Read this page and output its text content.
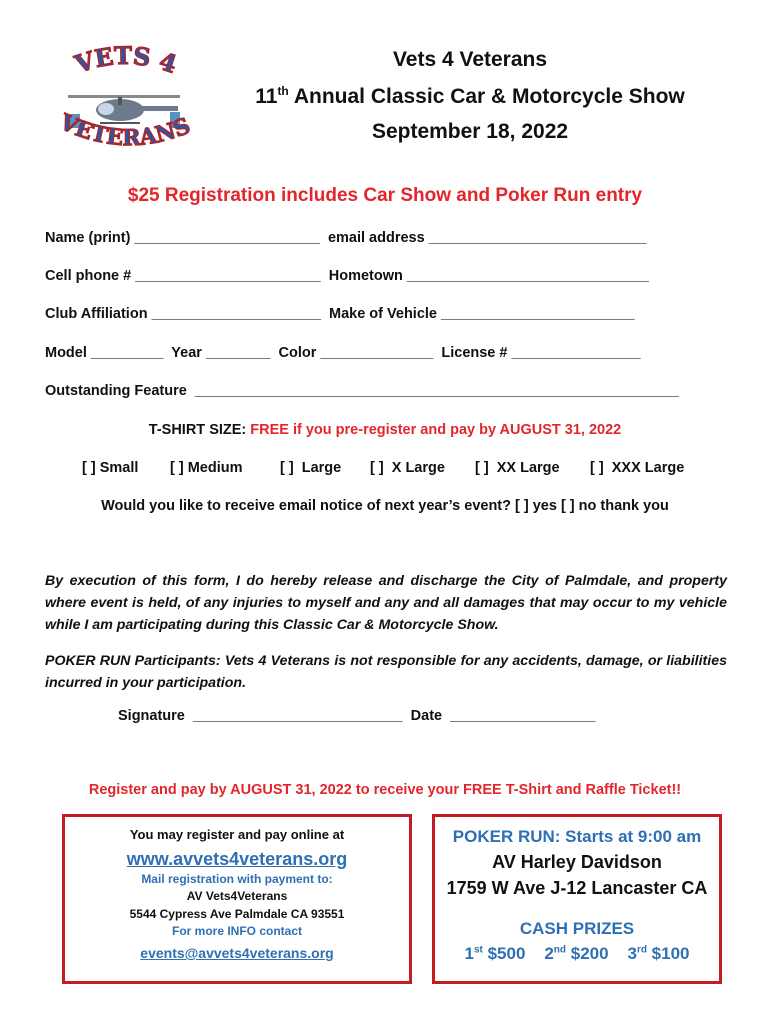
VETS 4
VETERANS
Vets 4 Veterans
11th Annual Classic Car & Motorcycle Show
September 18, 2022
$25 Registration includes Car Show and Poker Run entry
Name (print) _______________________  email address ___________________________
Cell phone # _______________________  Hometown ______________________________
Club Affiliation _____________________  Make of Vehicle ________________________
Model _________  Year ________  Color ______________  License # ________________
Outstanding Feature  ____________________________________________________________
T-SHIRT SIZE: FREE if you pre-register and pay by AUGUST 31, 2022
[ ] Small [ ] Medium	[ ]  Large [ ]  X Large [ ]  XX Large [ ]  XXX Large
Would you like to receive email notice of next year’s event? [ ] yes [ ] no thank you
By execution of this form, I do hereby release and discharge the City of Palmdale, and property where event is held, of any injuries to myself and any and all damages that may occur to my vehicle while I am participating during this Classic Car & Motorcycle Show.
POKER RUN Participants: Vets 4 Veterans is not responsible for any accidents, damage, or liabilities incurred in your participation.
Signature  __________________________  Date  __________________
Register and pay by AUGUST 31, 2022 to receive your FREE T-Shirt and Raffle Ticket!!
You may register and pay online at
www.avvets4veterans.org
Mail registration with payment to:
AV Vets4Veterans
5544 Cypress Ave Palmdale CA 93551
For more INFO contact
events@avvets4veterans.org
POKER RUN: Starts at 9:00 am
AV Harley Davidson
1759 W Ave J-12 Lancaster CA
CASH PRIZES
1st $500 2nd $200 3rd $100
